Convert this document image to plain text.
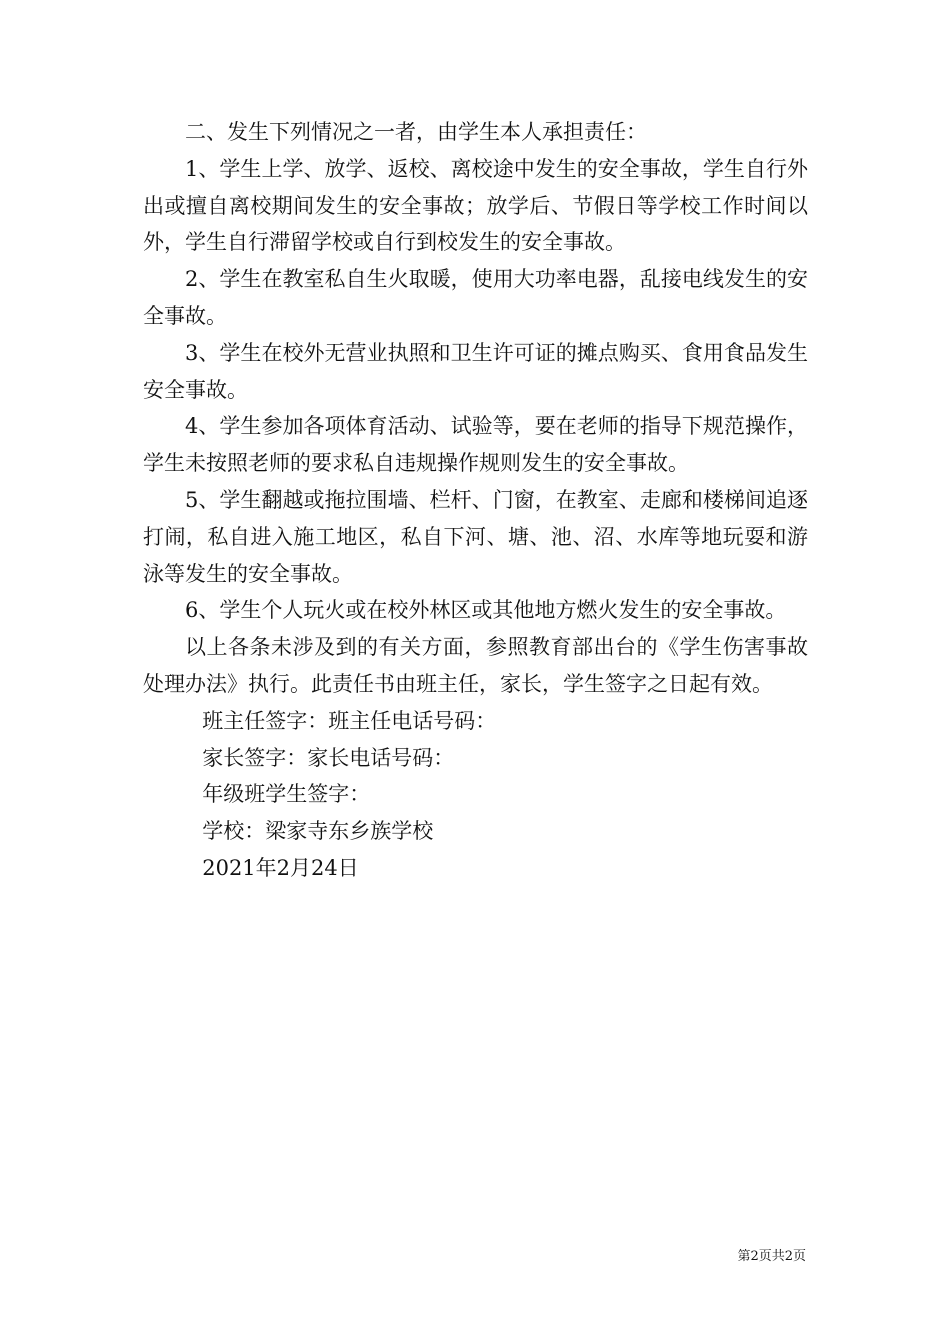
二、发生下列情况之一者，由学生本人承担责任：

1、学生上学、放学、返校、离校途中发生的安全事故，学生自行外出或擅自离校期间发生的安全事故；放学后、节假日等学校工作时间以外，学生自行滞留学校或自行到校发生的安全事故。

2、学生在教室私自生火取暖，使用大功率电器，乱接电线发生的安全事故。

3、学生在校外无营业执照和卫生许可证的摊点购买、食用食品发生安全事故。

4、学生参加各项体育活动、试验等，要在老师的指导下规范操作，学生未按照老师的要求私自违规操作规则发生的安全事故。

5、学生翻越或拖拉围墙、栏杆、门窗，在教室、走廊和楼梯间追逐打闹，私自进入施工地区，私自下河、塘、池、沼、水库等地玩耍和游泳等发生的安全事故。

6、学生个人玩火或在校外林区或其他地方燃火发生的安全事故。

以上各条未涉及到的有关方面，参照教育部出台的《学生伤害事故处理办法》执行。此责任书由班主任，家长，学生签字之日起有效。

班主任签字：班主任电话号码：

家长签字：家长电话号码：

年级班学生签字：

学校：梁家寺东乡族学校

2021年2月24日

第2页共2页
